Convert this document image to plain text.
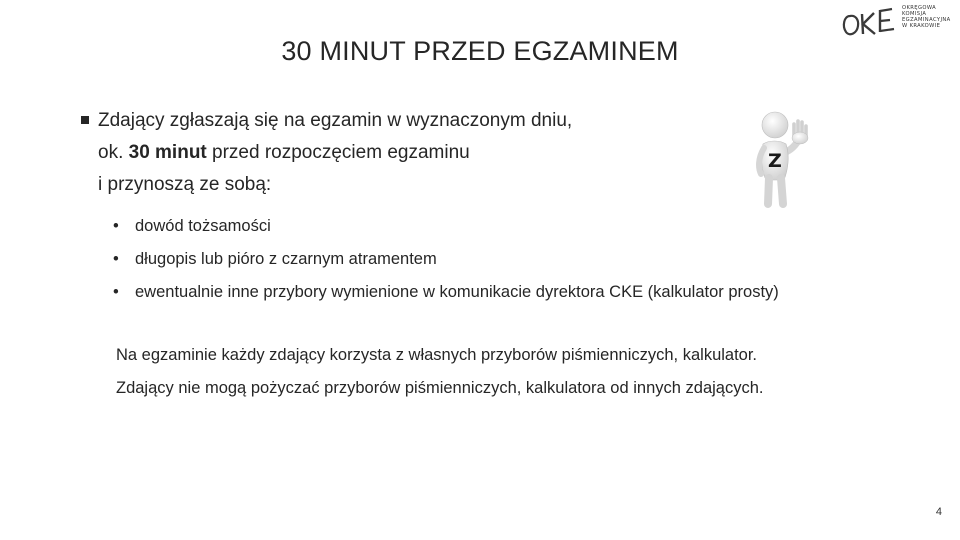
OKRĘGOWA
KOMISJA
EGZAMINACYJNA
W KRAKOWIE
30 MINUT PRZED EGZAMINEM
Zdający zgłaszają się na egzamin w wyznaczonym dniu,
ok. 30 minut przed rozpoczęciem egzaminu
i przynoszą ze sobą:
Z
• dowód tożsamości
• długopis lub pióro z czarnym atramentem
• ewentualnie inne przybory wymienione w komunikacie dyrektora CKE (kalkulator prosty)
Na egzaminie każdy zdający korzysta z własnych przyborów piśmienniczych, kalkulator.
Zdający nie mogą pożyczać przyborów piśmienniczych, kalkulatora od innych zdających.
4
